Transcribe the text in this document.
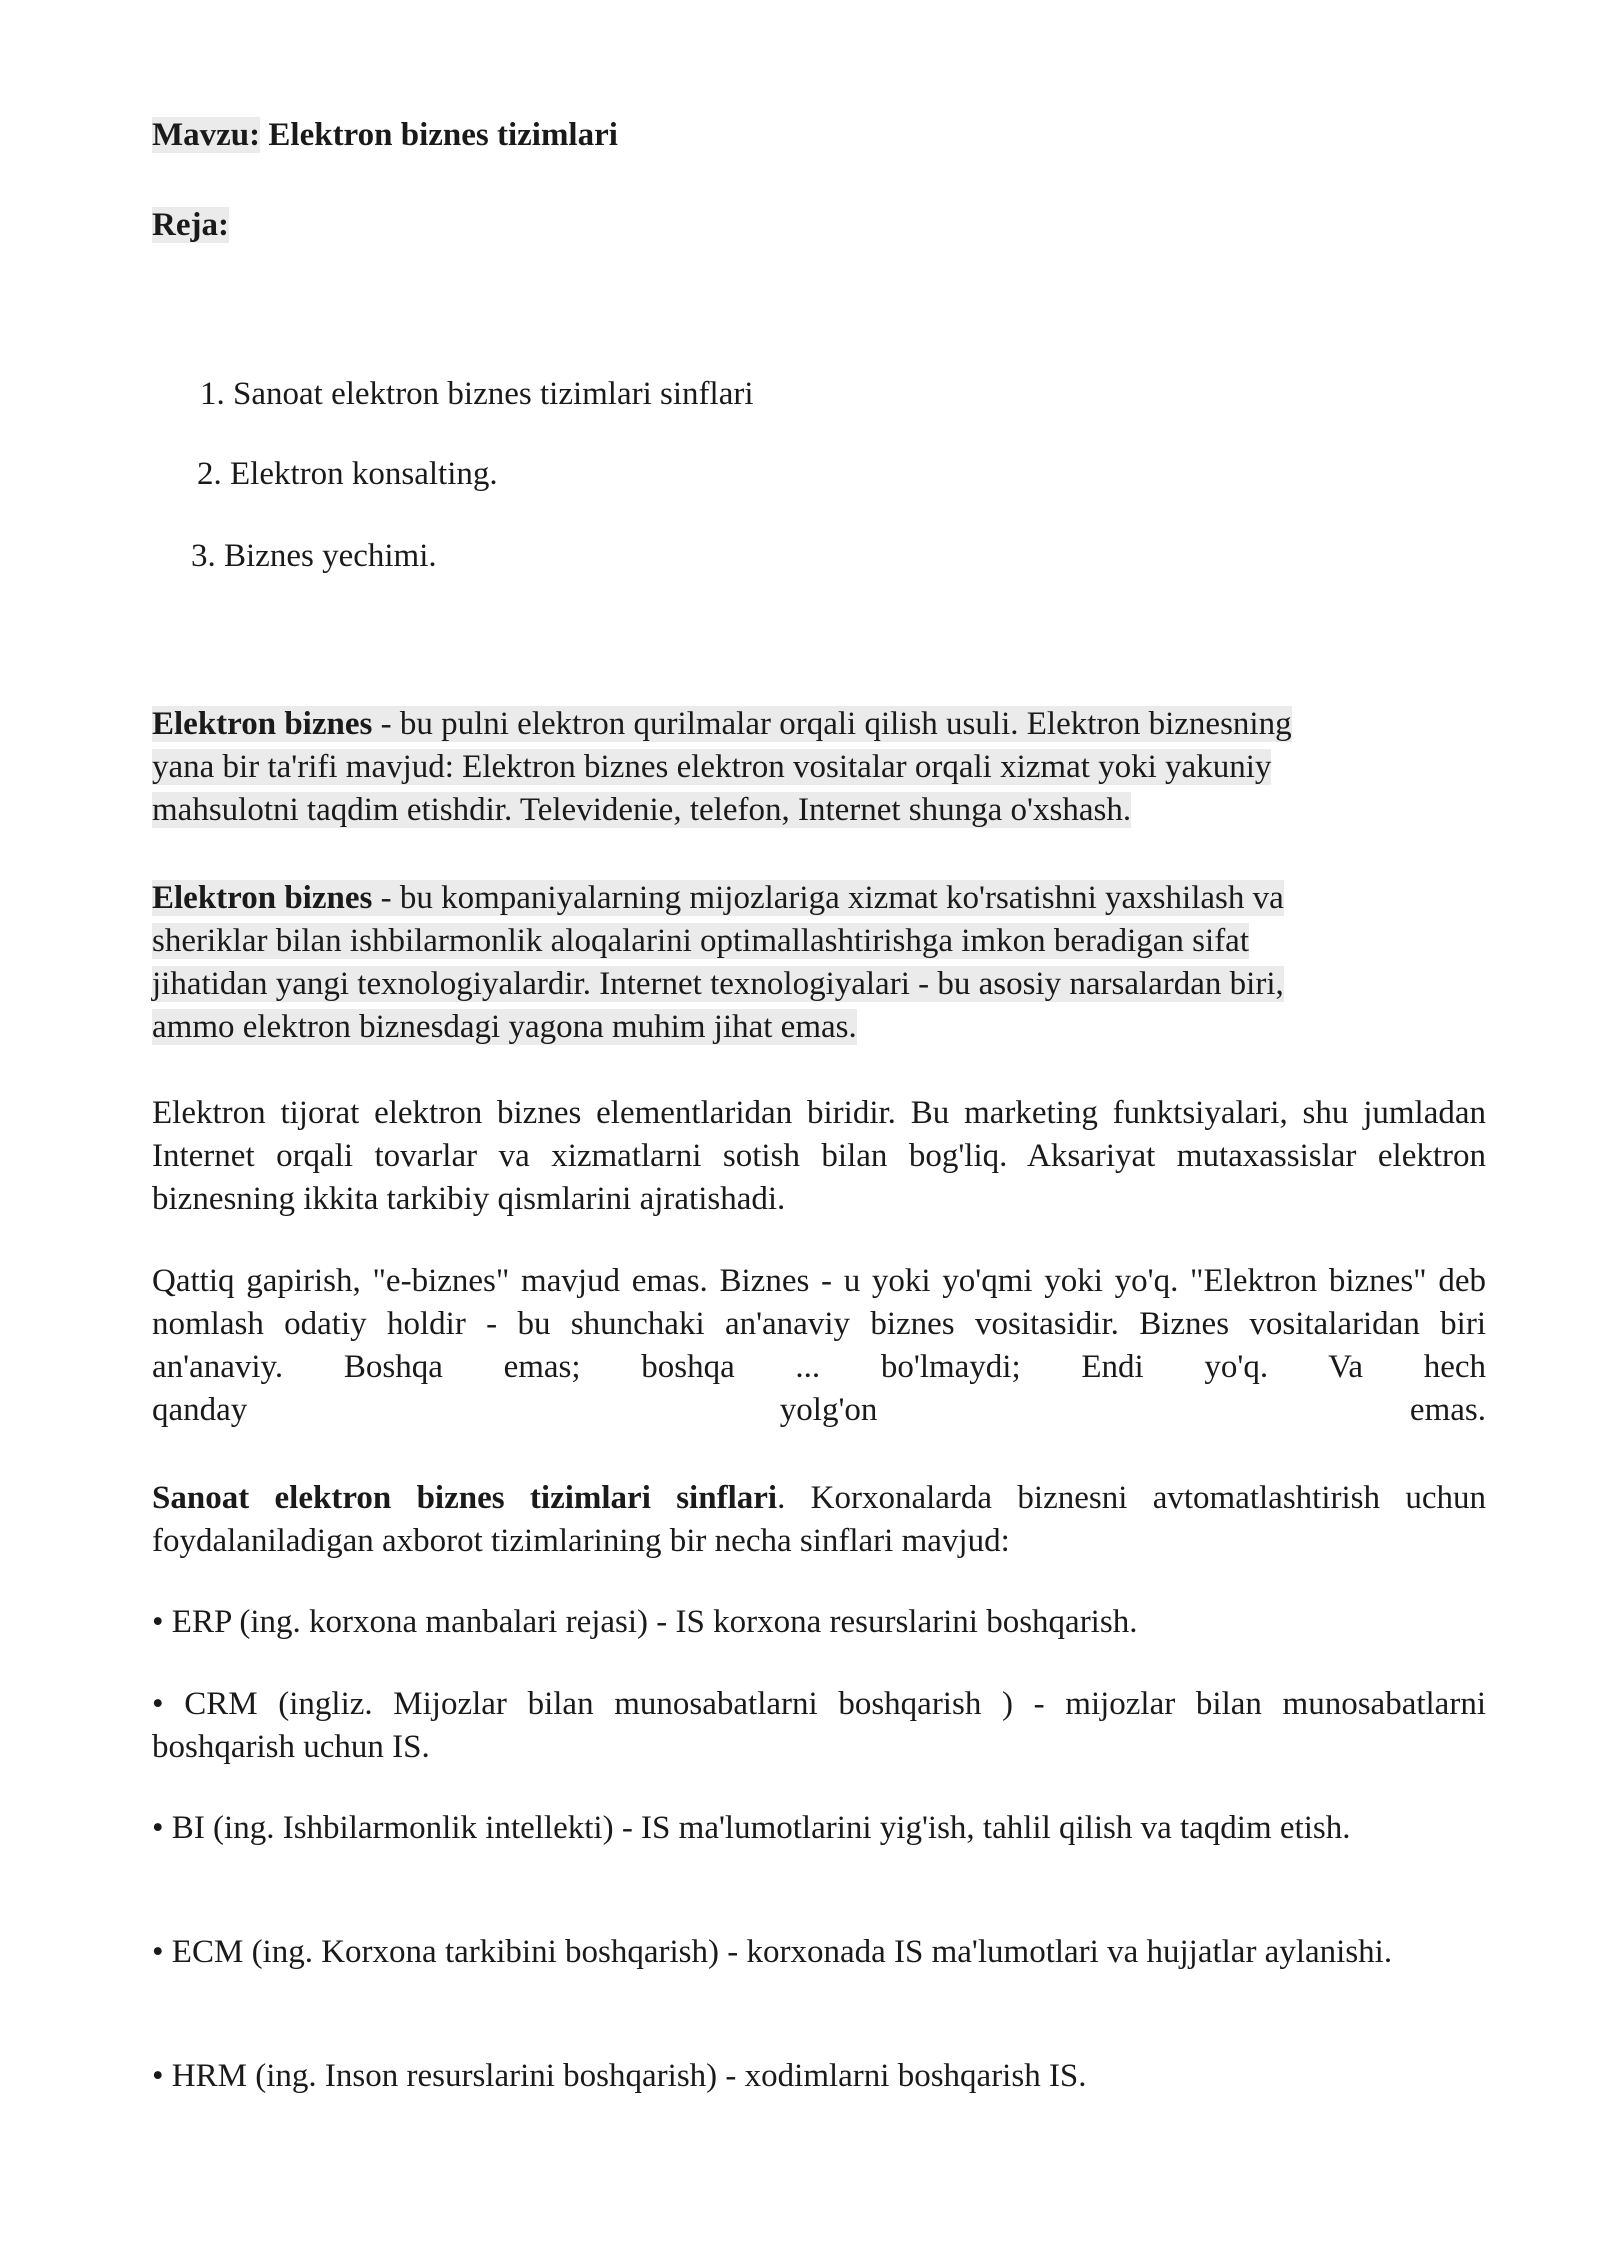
Mavzu: Elektron biznes tizimlari
Reja:
1. Sanoat elektron biznes tizimlari sinflari
2. Elektron konsalting.
3. Biznes yechimi.
Elektron biznes - bu pulni elektron qurilmalar orqali qilish usuli. Elektron biznesning
yana bir ta'rifi mavjud: Elektron biznes elektron vositalar orqali xizmat yoki yakuniy
mahsulotni taqdim etishdir. Televidenie, telefon, Internet shunga o'xshash.
Elektron biznes - bu kompaniyalarning mijozlariga xizmat ko'rsatishni yaxshilash va
sheriklar bilan ishbilarmonlik aloqalarini optimallashtirishga imkon beradigan sifat
jihatidan yangi texnologiyalardir. Internet texnologiyalari - bu asosiy narsalardan biri,
ammo elektron biznesdagi yagona muhim jihat emas.

Elektron tijorat elektron biznes elementlaridan biridir. Bu marketing funktsiyalari, shu jumladan Internet orqali tovarlar va xizmatlarni sotish bilan bog'liq. Aksariyat mutaxassislar elektron biznesning ikkita tarkibiy qismlarini ajratishadi.

Qattiq gapirish, "e-biznes" mavjud emas. Biznes - u yoki yo'qmi yoki yo'q. "Elektron biznes" deb nomlash odatiy holdir - bu shunchaki an'anaviy biznes vositasidir. Biznes vositalaridan biri an'anaviy. Boshqa emas; boshqa ... bo'lmaydi; Endi yo'q. Va hech

qanday	yolg'on	emas.

Sanoat elektron biznes tizimlari sinflari. Korxonalarda biznesni avtomatlashtirish uchun foydalaniladigan axborot tizimlarining bir necha sinflari mavjud:

• ERP (ing. korxona manbalari rejasi) - IS korxona resurslarini boshqarish.

• CRM (ingliz. Mijozlar bilan munosabatlarni boshqarish ) - mijozlar bilan munosabatlarni boshqarish uchun IS.

• BI (ing. Ishbilarmonlik intellekti) - IS ma'lumotlarini yig'ish, tahlil qilish va taqdim etish.

• ECM (ing. Korxona tarkibini boshqarish) - korxonada IS ma'lumotlari va hujjatlar aylanishi.

• HRM (ing. Inson resurslarini boshqarish) - xodimlarni boshqarish IS.
